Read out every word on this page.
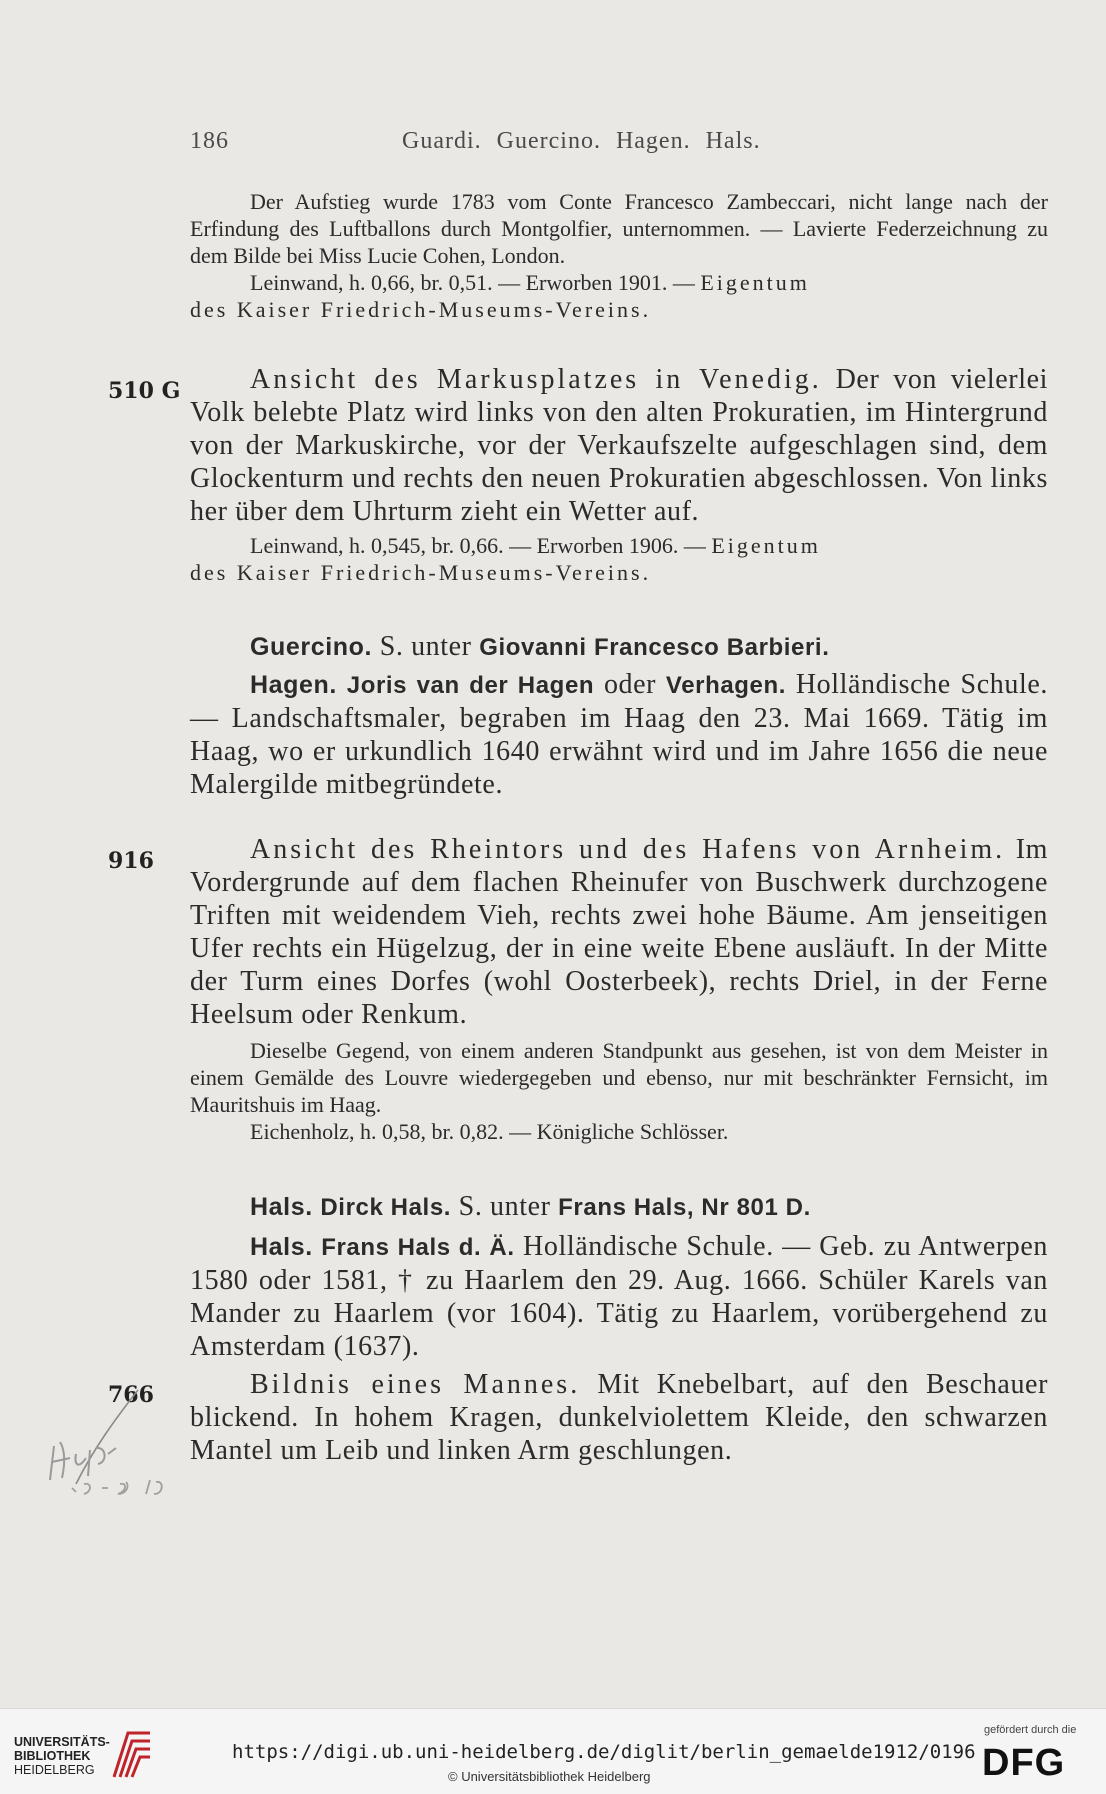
186	Guardi. Guercino. Hagen. Hals.
Der Aufstieg wurde 1783 vom Conte Francesco Zambeccari, nicht lange nach der Erfindung des Luftballons durch Montgolfier, unternommen. — Lavierte Federzeichnung zu dem Bilde bei Miss Lucie Cohen, London.
Leinwand, h. 0,66, br. 0,51. — Erworben 1901. — Eigentum
des Kaiser Friedrich-Museums-Vereins.
510 G	Ansicht des Markusplatzes in Venedig. Der von vielerlei Volk belebte Platz wird links von den alten Prokuratien, im Hintergrund von der Markuskirche, vor der Verkaufszelte aufgeschlagen sind, dem Glockenturm und rechts den neuen Prokuratien abgeschlossen. Von links her über dem Uhrturm zieht ein Wetter auf.
Leinwand, h. 0,545, br. 0,66. — Erworben 1906. — Eigentum
des Kaiser Friedrich-Museums-Vereins.
Guercino. S. unter Giovanni Francesco Barbieri.
Hagen. Joris van der Hagen oder Verhagen. Holländische Schule. — Landschaftsmaler, begraben im Haag den 23. Mai 1669. Tätig im Haag, wo er urkundlich 1640 erwähnt wird und im Jahre 1656 die neue Malergilde mitbegründete.
916	Ansicht des Rheintors und des Hafens von Arnheim. Im Vordergrunde auf dem flachen Rheinufer von Buschwerk durchzogene Triften mit weidendem Vieh, rechts zwei hohe Bäume. Am jenseitigen Ufer rechts ein Hügelzug, der in eine weite Ebene ausläuft. In der Mitte der Turm eines Dorfes (wohl Oosterbeek), rechts Driel, in der Ferne Heelsum oder Renkum.
Dieselbe Gegend, von einem anderen Standpunkt aus gesehen, ist von dem Meister in einem Gemälde des Louvre wiedergegeben und ebenso, nur mit beschränkter Fernsicht, im Mauritshuis im Haag.
Eichenholz, h. 0,58, br. 0,82. — Königliche Schlösser.
Hals. Dirck Hals. S. unter Frans Hals, Nr 801 D.
Hals. Frans Hals d. Ä. Holländische Schule. — Geb. zu Antwerpen 1580 oder 1581, † zu Haarlem den 29. Aug. 1666. Schüler Karels van Mander zu Haarlem (vor 1604). Tätig zu Haarlem, vorübergehend zu Amsterdam (1637).
766	Bildnis eines Mannes. Mit Knebelbart, auf den Beschauer blickend. In hohem Kragen, dunkelviolettem Kleide, den schwarzen Mantel um Leib und linken Arm geschlungen.
UNIVERSITÄTS-
BIBLIOTHEK
HEIDELBERG
https://digi.ub.uni-heidelberg.de/diglit/berlin_gemaelde1912/0196
© Universitätsbibliothek Heidelberg
gefördert durch die
DFG
